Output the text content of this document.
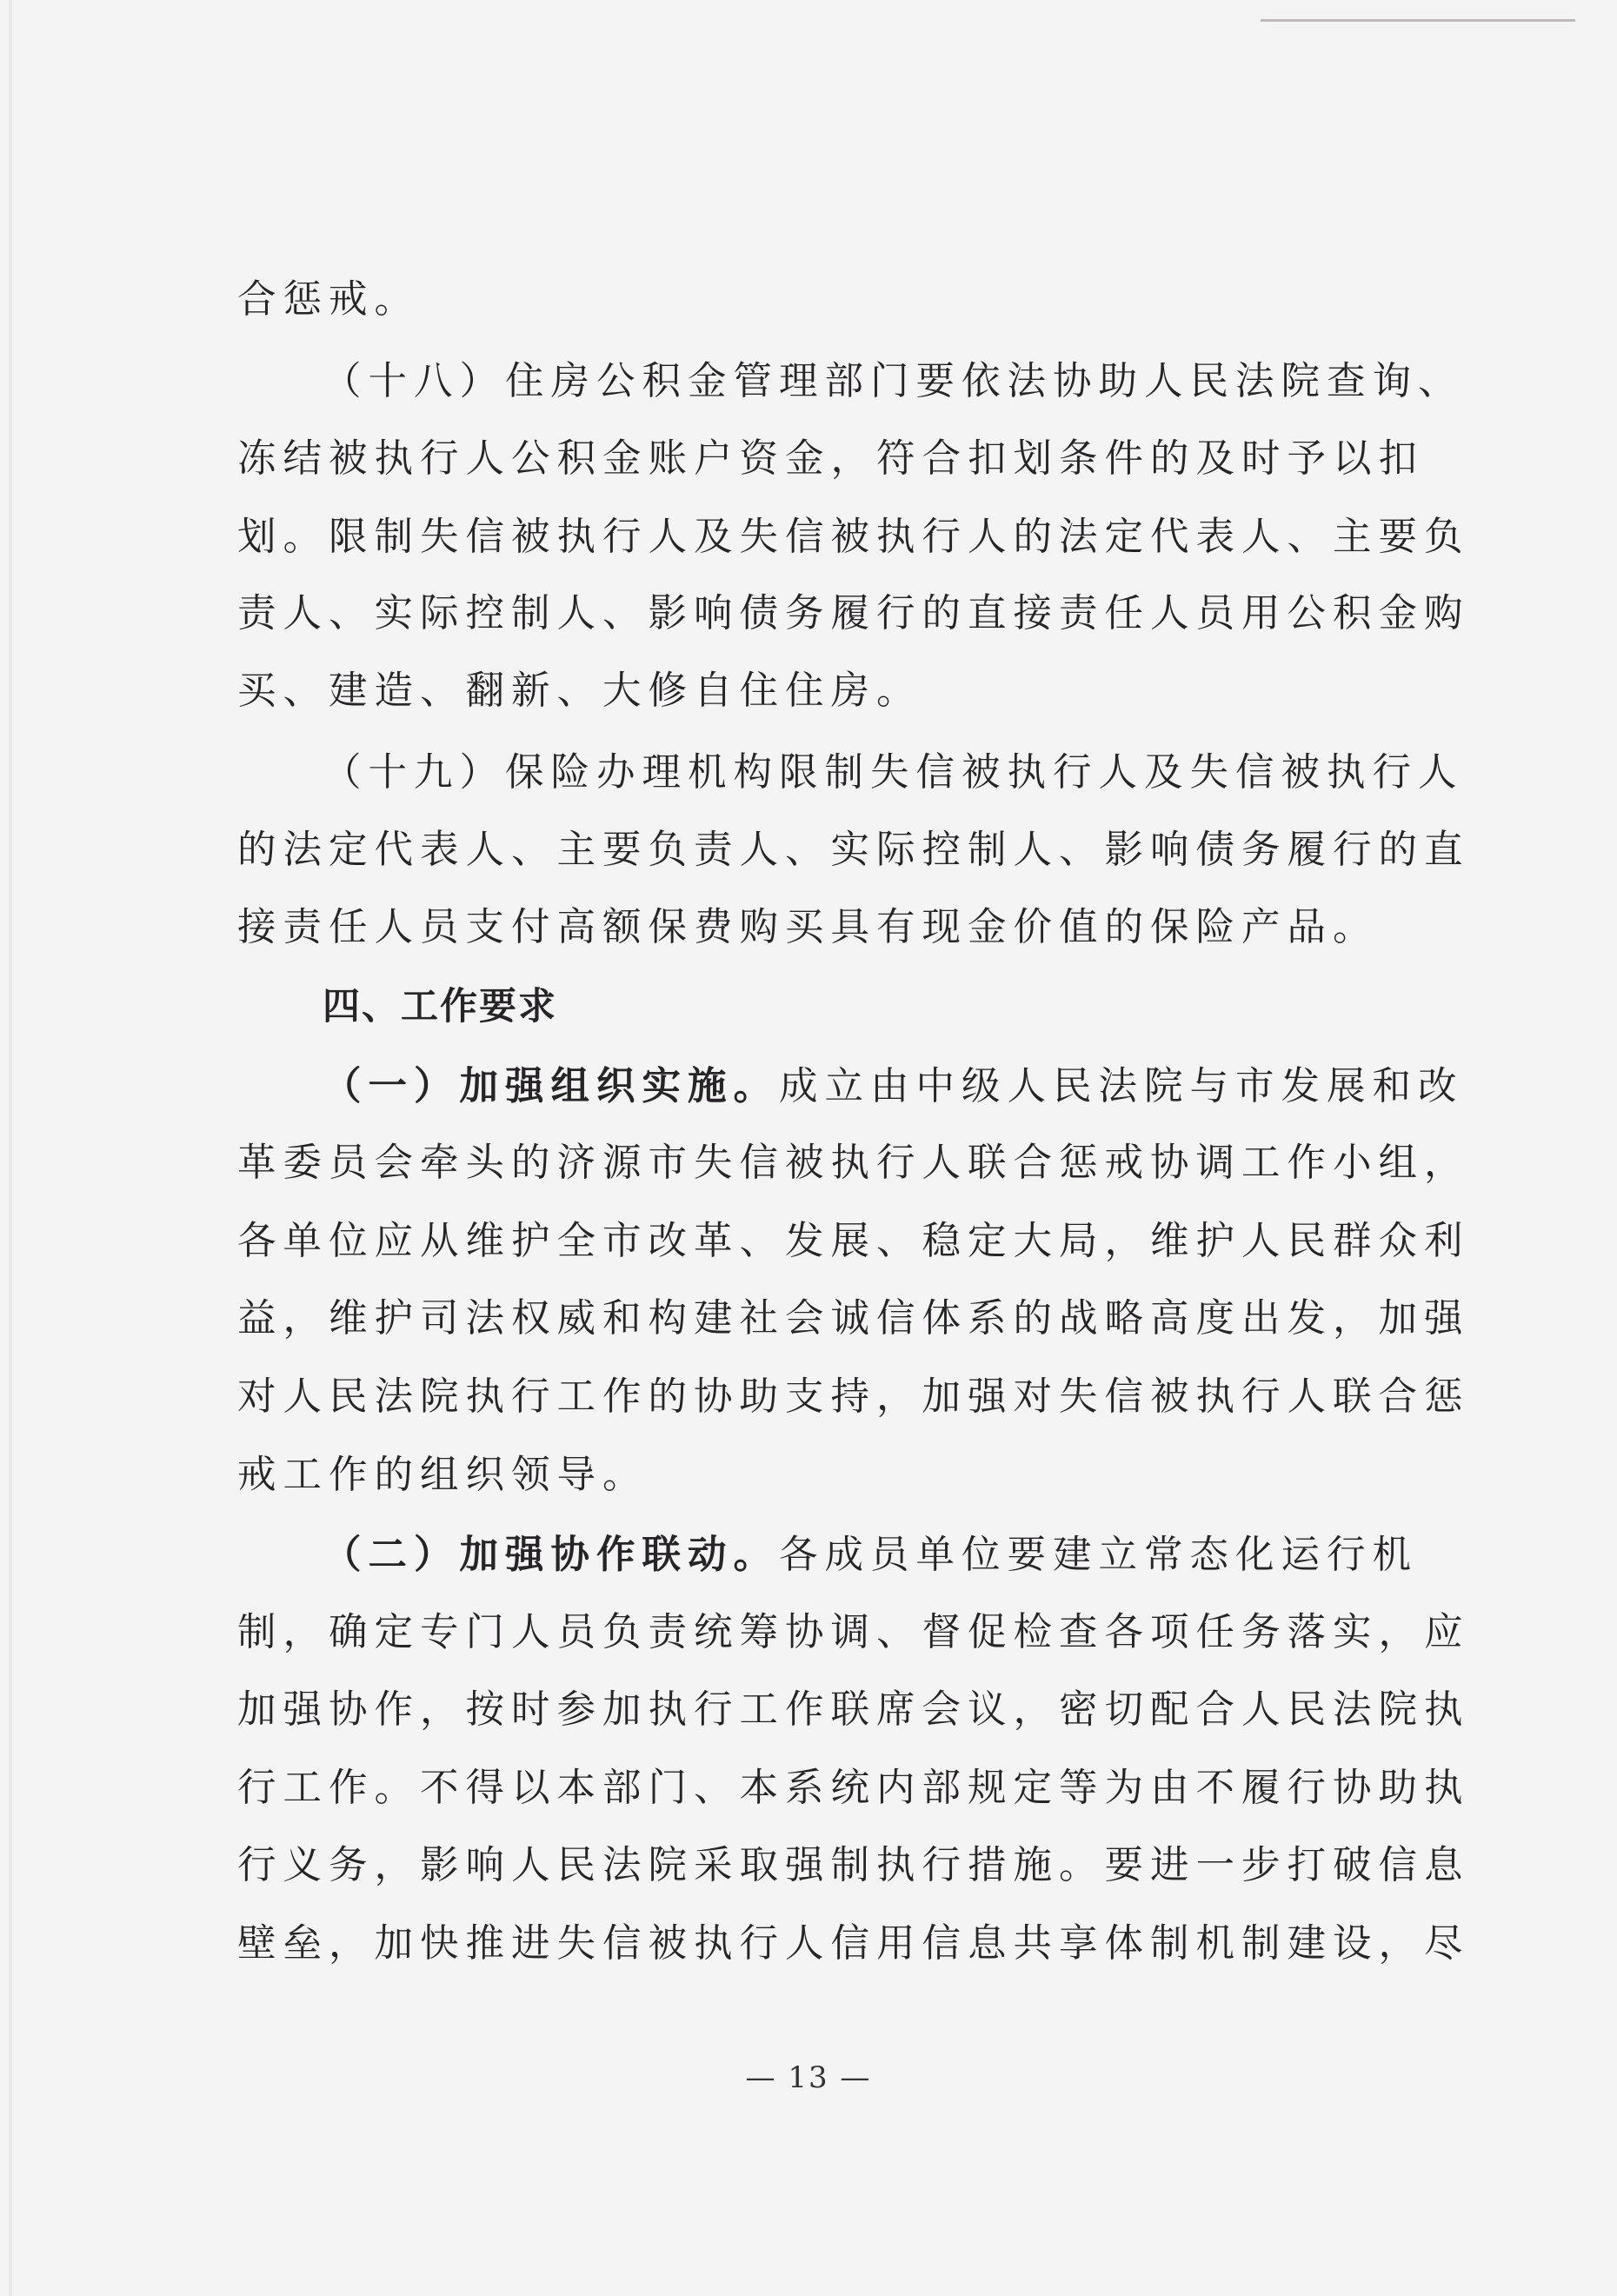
合惩戒。
（十八）住房公积金管理部门要依法协助人民法院查询、
冻结被执行人公积金账户资金，符合扣划条件的及时予以扣
划。限制失信被执行人及失信被执行人的法定代表人、主要负
责人、实际控制人、影响债务履行的直接责任人员用公积金购
买、建造、翻新、大修自住住房。
（十九）保险办理机构限制失信被执行人及失信被执行人
的法定代表人、主要负责人、实际控制人、影响债务履行的直
接责任人员支付高额保费购买具有现金价值的保险产品。
四、工作要求
（一）加强组织实施。成立由中级人民法院与市发展和改
革委员会牵头的济源市失信被执行人联合惩戒协调工作小组，
各单位应从维护全市改革、发展、稳定大局，维护人民群众利
益，维护司法权威和构建社会诚信体系的战略高度出发，加强
对人民法院执行工作的协助支持，加强对失信被执行人联合惩
戒工作的组织领导。
（二）加强协作联动。各成员单位要建立常态化运行机
制，确定专门人员负责统筹协调、督促检查各项任务落实，应
加强协作，按时参加执行工作联席会议，密切配合人民法院执
行工作。不得以本部门、本系统内部规定等为由不履行协助执
行义务，影响人民法院采取强制执行措施。要进一步打破信息
壁垒，加快推进失信被执行人信用信息共享体制机制建设，尽
— 13 —
